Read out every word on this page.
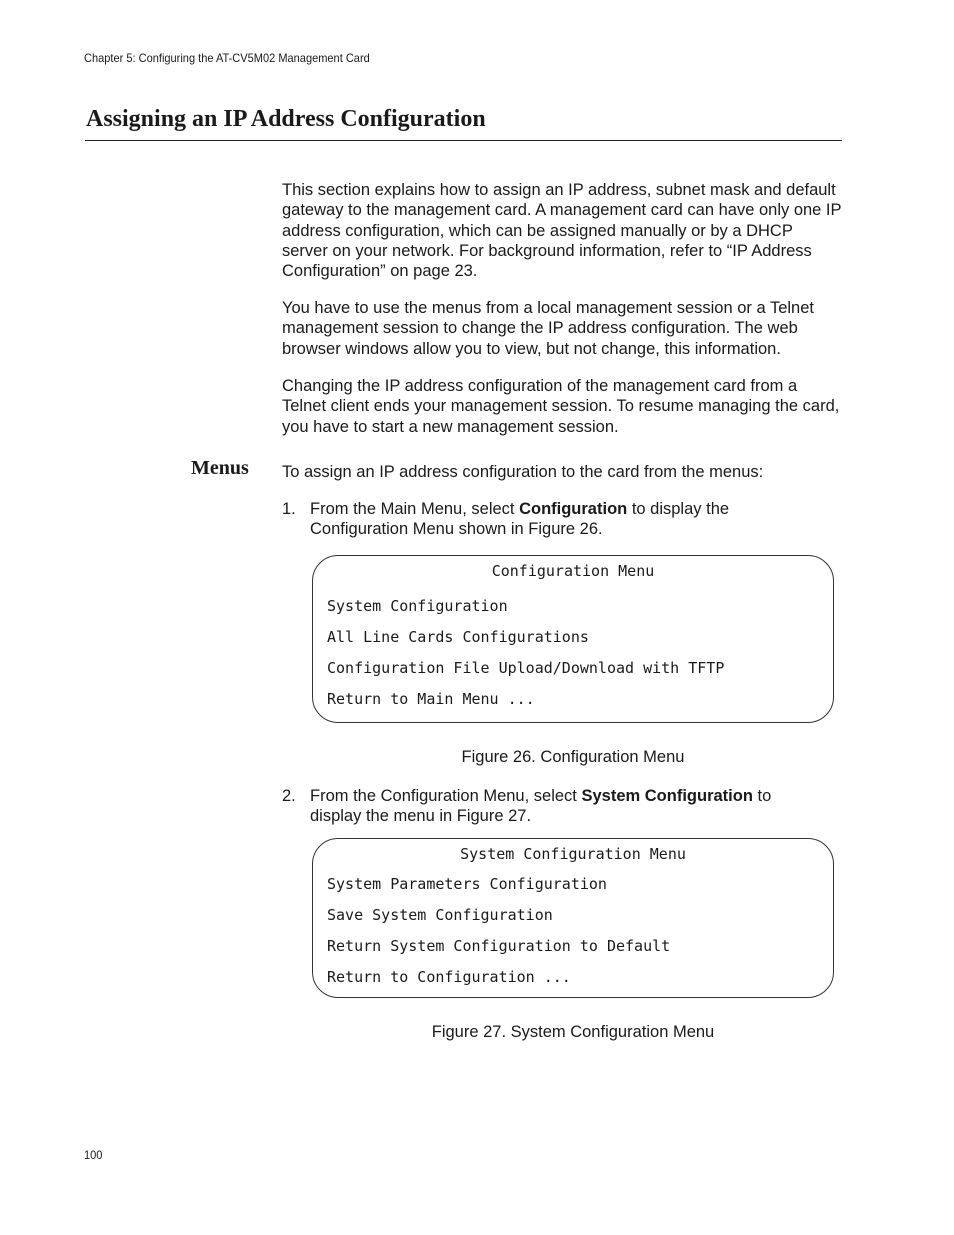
Chapter 5: Configuring the AT-CV5M02 Management Card
Assigning an IP Address Configuration
This section explains how to assign an IP address, subnet mask and default gateway to the management card. A management card can have only one IP address configuration, which can be assigned manually or by a DHCP server on your network. For background information, refer to “IP Address Configuration” on page 23.
You have to use the menus from a local management session or a Telnet management session to change the IP address configuration. The web browser windows allow you to view, but not change, this information.
Changing the IP address configuration of the management card from a Telnet client ends your management session. To resume managing the card, you have to start a new management session.
Menus To assign an IP address configuration to the card from the menus:
1. From the Main Menu, select Configuration to display the Configuration Menu shown in Figure 26.
Configuration Menu
System Configuration
All Line Cards Configurations
Configuration File Upload/Download with TFTP
Return to Main Menu ...
Figure 26. Configuration Menu
2. From the Configuration Menu, select System Configuration to display the menu in Figure 27.
System Configuration Menu
System Parameters Configuration
Save System Configuration
Return System Configuration to Default
Return to Configuration ...
Figure 27. System Configuration Menu
100
